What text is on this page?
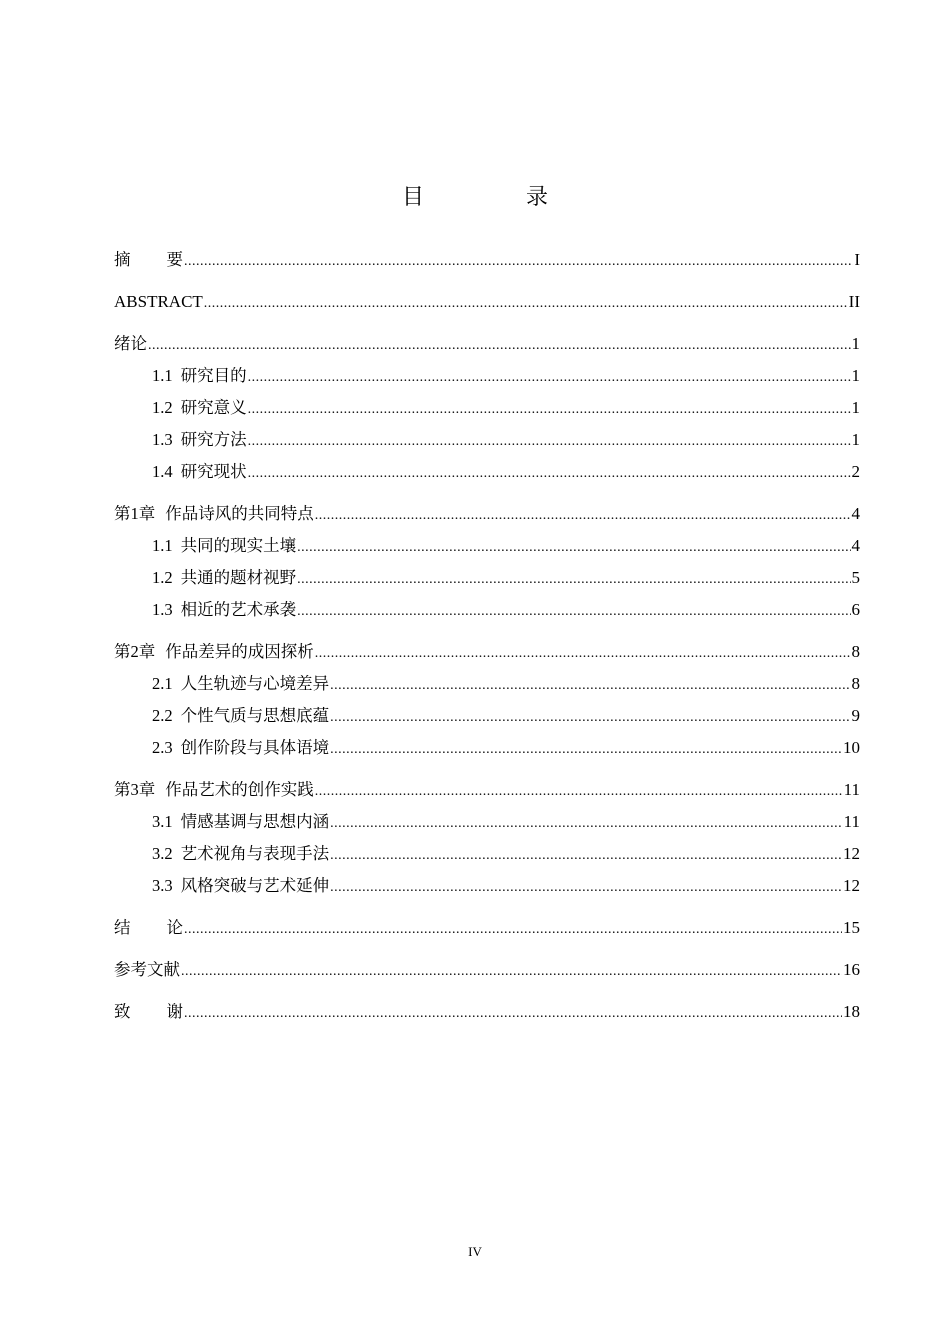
目　录
摘 要 .....	I
ABSTRACT .....	II
绪论 .....	1
1.1 研究目的 .....	1
1.2 研究意义 .....	1
1.3 研究方法 .....	1
1.4 研究现状 .....	2
第1章 作品诗风的共同特点 .....	4
1.1 共同的现实土壤 .....	4
1.2 共通的题材视野 .....	5
1.3 相近的艺术承袭 .....	6
第2章 作品差异的成因探析 .....	8
2.1 人生轨迹与心境差异 .....	8
2.2 个性气质与思想底蕴 .....	9
2.3 创作阶段与具体语境 .....	10
第3章 作品艺术的创作实践 .....	11
3.1 情感基调与思想内涵 .....	11
3.2 艺术视角与表现手法 .....	12
3.3 风格突破与艺术延伸 .....	12
结 论 .....	15
参考文献 .....	16
致 谢 .....	18
IV
